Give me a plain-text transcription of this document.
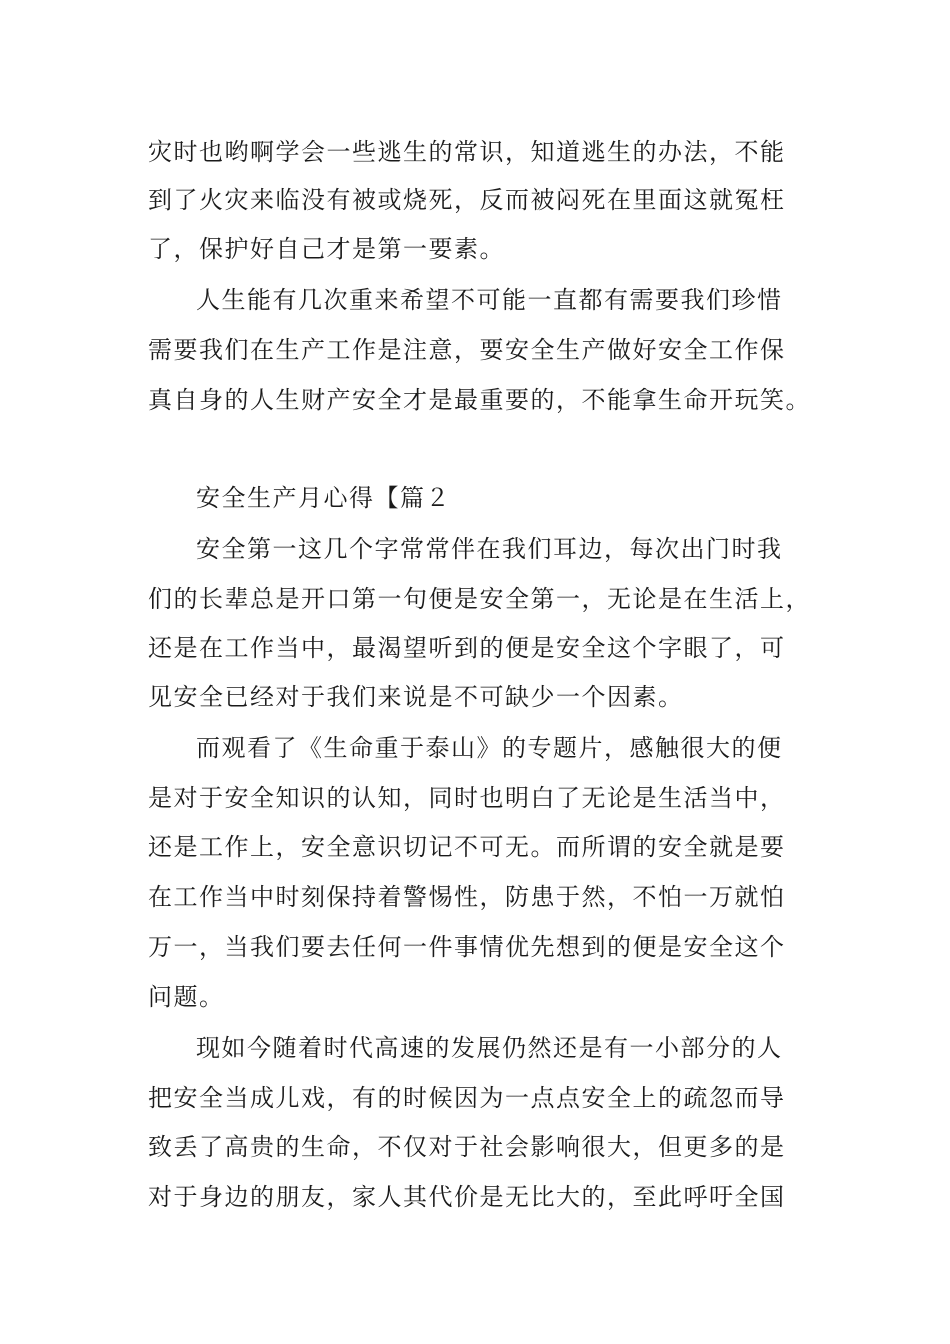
灾时也哟啊学会一些逃生的常识，知道逃生的办法，不能
到了火灾来临没有被或烧死，反而被闷死在里面这就冤枉
了，保护好自己才是第一要素。
人生能有几次重来希望不可能一直都有需要我们珍惜
需要我们在生产工作是注意，要安全生产做好安全工作保
真自身的人生财产安全才是最重要的，不能拿生命开玩笑。
安全生产月心得【篇２
安全第一这几个字常常伴在我们耳边，每次出门时我
们的长辈总是开口第一句便是安全第一，无论是在生活上，
还是在工作当中，最渴望听到的便是安全这个字眼了，可
见安全已经对于我们来说是不可缺少一个因素。
而观看了《生命重于泰山》的专题片，感触很大的便
是对于安全知识的认知，同时也明白了无论是生活当中，
还是工作上，安全意识切记不可无。而所谓的安全就是要
在工作当中时刻保持着警惕性，防患于然，不怕一万就怕
万一，当我们要去任何一件事情优先想到的便是安全这个
问题。
现如今随着时代高速的发展仍然还是有一小部分的人
把安全当成儿戏，有的时候因为一点点安全上的疏忽而导
致丢了高贵的生命，不仅对于社会影响很大，但更多的是
对于身边的朋友，家人其代价是无比大的，至此呼吁全国
